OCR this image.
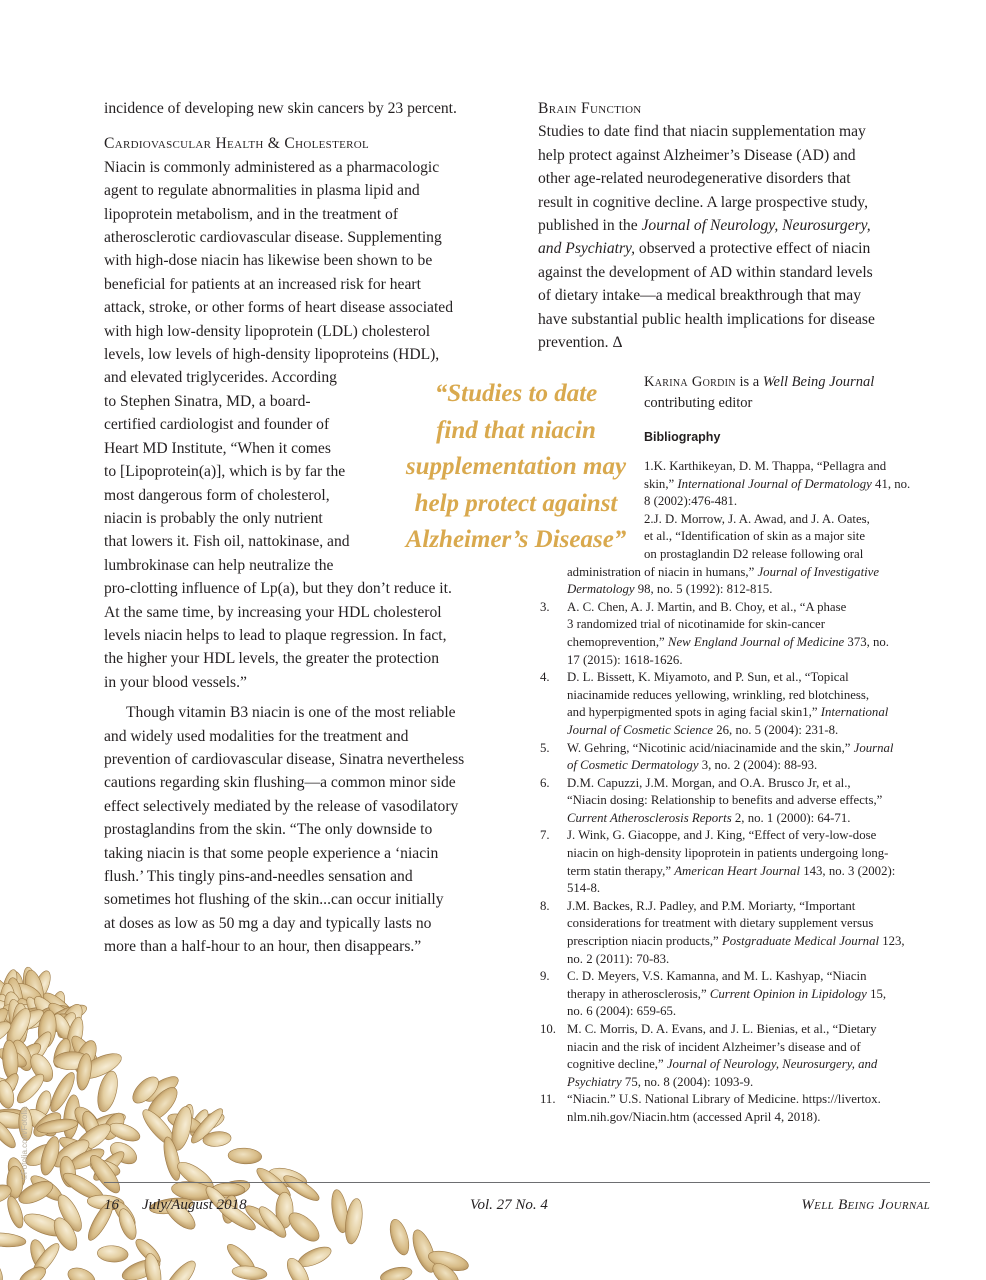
incidence of developing new skin cancers by 23 percent.

Cardiovascular Health & Cholesterol

Niacin is commonly administered as a pharmacologic
agent to regulate abnormalities in plasma lipid and
lipoprotein metabolism, and in the treatment of
atherosclerotic cardiovascular disease. Supplementing
with high-dose niacin has likewise been shown to be
beneficial for patients at an increased risk for heart
attack, stroke, or other forms of heart disease associated
with high low-density lipoprotein (LDL) cholesterol
levels, low levels of high-density lipoproteins (HDL),
and elevated triglycerides. According
to Stephen Sinatra, MD, a board-
certified cardiologist and founder of
Heart MD Institute, “When it comes
to [Lipoprotein(a)], which is by far the
most dangerous form of cholesterol,
niacin is probably the only nutrient
that lowers it. Fish oil, nattokinase, and
lumbrokinase can help neutralize the
pro-clotting influence of Lp(a), but they don’t reduce it.
At the same time, by increasing your HDL cholesterol
levels niacin helps to lead to plaque regression. In fact,
the higher your HDL levels, the greater the protection
in your blood vessels.”
Though vitamin B3 niacin is one of the most reliable
and widely used modalities for the treatment and
prevention of cardiovascular disease, Sinatra nevertheless
cautions regarding skin flushing—a common minor side
effect selectively mediated by the release of vasodilatory
prostaglandins from the skin. “The only downside to
taking niacin is that some people experience a ‘niacin
flush.’ This tingly pins-and-needles sensation and
sometimes hot flushing of the skin...can occur initially
at doses as low as 50 mg a day and typically lasts no
more than a half-hour to an hour, then disappears.”
“Studies to date
find that niacin
supplementation may
help protect against
Alzheimer’s Disease”

Brain Function

Studies to date find that niacin supplementation may
help protect against Alzheimer’s Disease (AD) and
other age-related neurodegenerative disorders that
result in cognitive decline. A large prospective study,
published in the Journal of Neurology, Neurosurgery,
and Psychiatry, observed a protective effect of niacin
against the development of AD within standard levels
of dietary intake—a medical breakthrough that may
have substantial public health implications for disease
prevention. Δ
Karina Gordin is a Well Being Journal
contributing editor
Bibliography
1.K. Karthikeyan, D. M. Thappa, “Pellagra and
skin,” International Journal of Dermatology 41, no.
8 (2002):476-481.
2.J. D. Morrow, J. A. Awad, and J. A. Oates,
et al., “Identification of skin as a major site
on prostaglandin D2 release following oral
administration of niacin in humans,” Journal of Investigative
Dermatology 98, no. 5 (1992): 812-815.
3. A. C. Chen, A. J. Martin, and B. Choy, et al., “A phase
3 randomized trial of nicotinamide for skin-cancer
chemoprevention,” New England Journal of Medicine 373, no.
17 (2015): 1618-1626.
4. D. L. Bissett, K. Miyamoto, and P. Sun, et al., “Topical
niacinamide reduces yellowing, wrinkling, red blotchiness,
and hyperpigmented spots in aging facial skin1,” International
Journal of Cosmetic Science 26, no. 5 (2004): 231-8.
5. W. Gehring, “Nicotinic acid/niacinamide and the skin,” Journal
of Cosmetic Dermatology 3, no. 2 (2004): 88-93.
6. D.M. Capuzzi, J.M. Morgan, and O.A. Brusco Jr, et al.,
“Niacin dosing: Relationship to benefits and adverse effects,”
Current Atherosclerosis Reports 2, no. 1 (2000): 64-71.
7. J. Wink, G. Giacoppe, and J. King, “Effect of very-low-dose
niacin on high-density lipoprotein in patients undergoing long-
term statin therapy,” American Heart Journal 143, no. 3 (2002):
514-8.
8. J.M. Backes, R.J. Padley, and P.M. Moriarty, “Important
considerations for treatment with dietary supplement versus
prescription niacin products,” Postgraduate Medical Journal 123,
no. 2 (2011): 70-83.
9. C. D. Meyers, V.S. Kamanna, and M. L. Kashyap, “Niacin
therapy in atherosclerosis,” Current Opinion in Lipidology 15,
no. 6 (2004): 659-65.
10. M. C. Morris, D. A. Evans, and J. L. Bienias, et al., “Dietary
niacin and the risk of incident Alzheimer’s disease and of
cognitive decline,” Journal of Neurology, Neurosurgery, and
Psychiatry 75, no. 8 (2004): 1093-9.
11. “Niacin.” U.S. National Library of Medicine. https://livertox.
nlm.nih.gov/Niacin.htm (accessed April 4, 2018).
©Fotolia.com/Fotolia
16 July/August 2018	Vol. 27 No. 4	Well Being Journal
